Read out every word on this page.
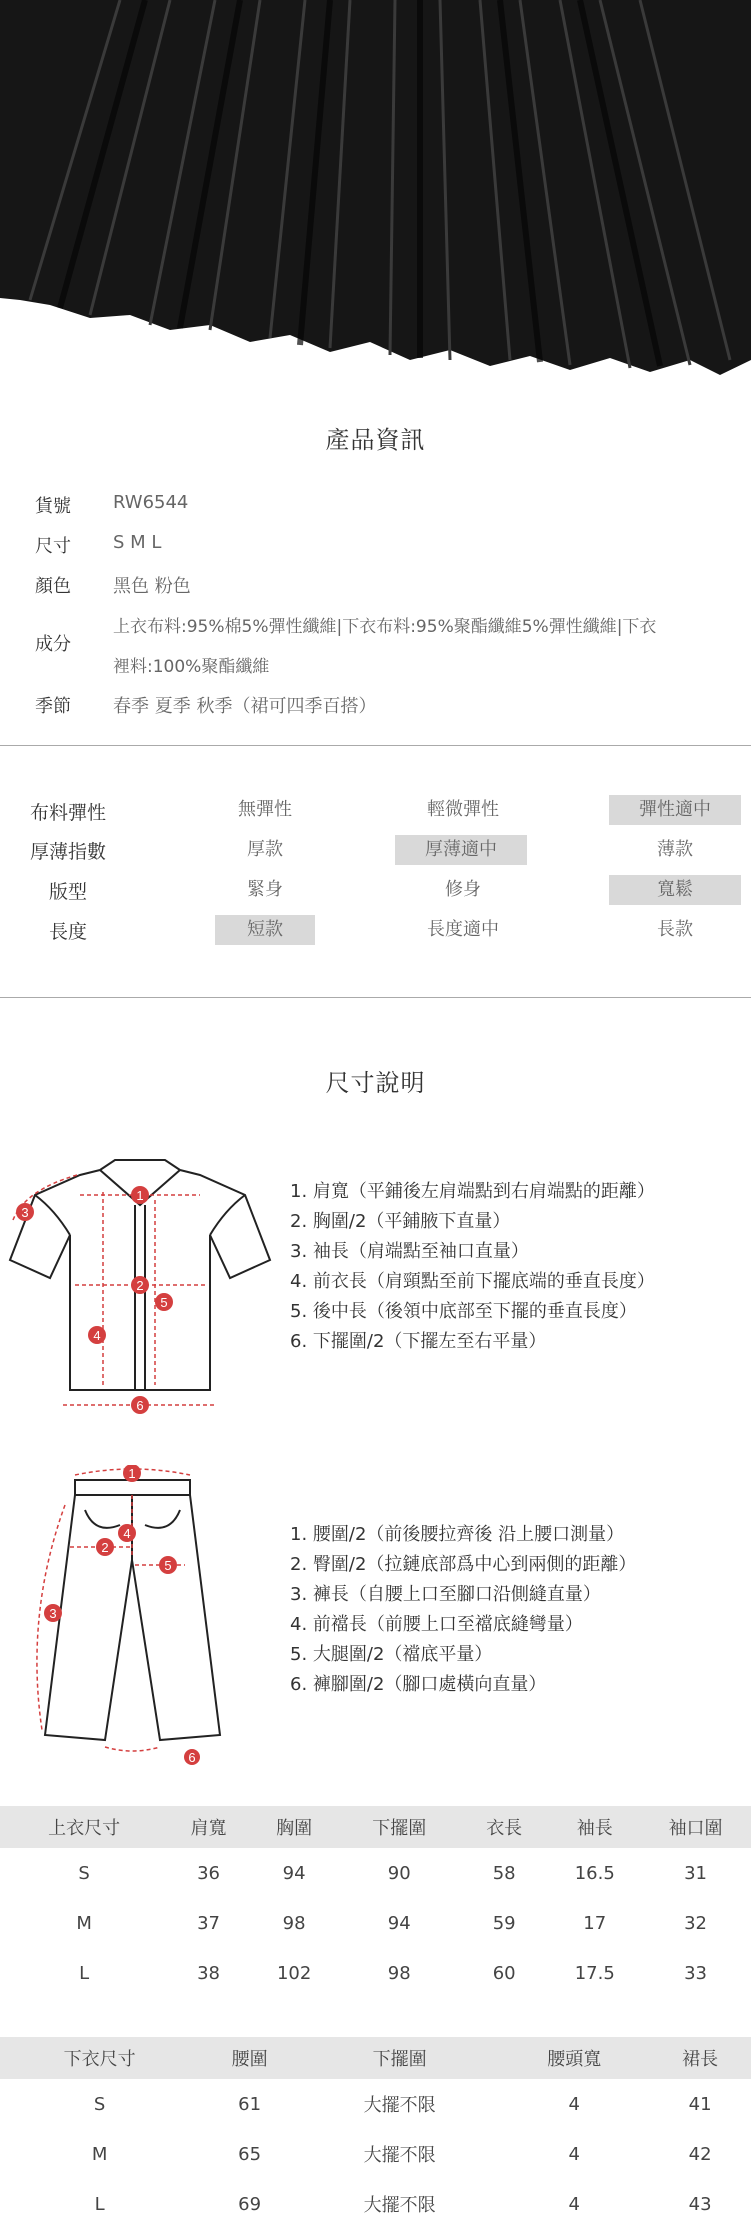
產品資訊
貨號	RW6544
尺寸	S M L
顏色	黑色 粉色
成分
上衣布料:95%棉5%彈性纖維|下衣布料:95%聚酯纖維5%彈性纖維|下衣
裡料:100%聚酯纖維
季節	春季 夏季 秋季（裙可四季百搭）
布料彈性	無彈性	輕微彈性	彈性適中
厚薄指數	厚款	厚薄適中	薄款
版型	緊身	修身	寬鬆
長度	短款	長度適中	長款
尺寸說明
1
2
3
4
5
6
1. 肩寬（平鋪後左肩端點到右肩端點的距離）
2. 胸圍/2（平鋪腋下直量）
3. 袖長（肩端點至袖口直量）
4. 前衣長（肩頸點至前下擺底端的垂直長度）
5. 後中長（後領中底部至下擺的垂直長度）
6. 下擺圍/2（下擺左至右平量）
1
2
3
4
5
6
1. 腰圍/2（前後腰拉齊後 沿上腰口測量）
2. 臀圍/2（拉鏈底部爲中心到兩側的距離）
3. 褲長（自腰上口至腳口沿側縫直量）
4. 前襠長（前腰上口至襠底縫彎量）
5. 大腿圍/2（襠底平量）
6. 褲腳圍/2（腳口處橫向直量）
上衣尺寸	肩寬	胸圍	下擺圍	衣長	袖長	袖口圍
S	36	94	90	58	16.5	31
M	37	98	94	59	17	32
L	38	102	98	60	17.5	33
下衣尺寸	腰圍	下擺圍	腰頭寬	裙長
S	61	大擺不限	4	41
M	65	大擺不限	4	42
L	69	大擺不限	4	43
